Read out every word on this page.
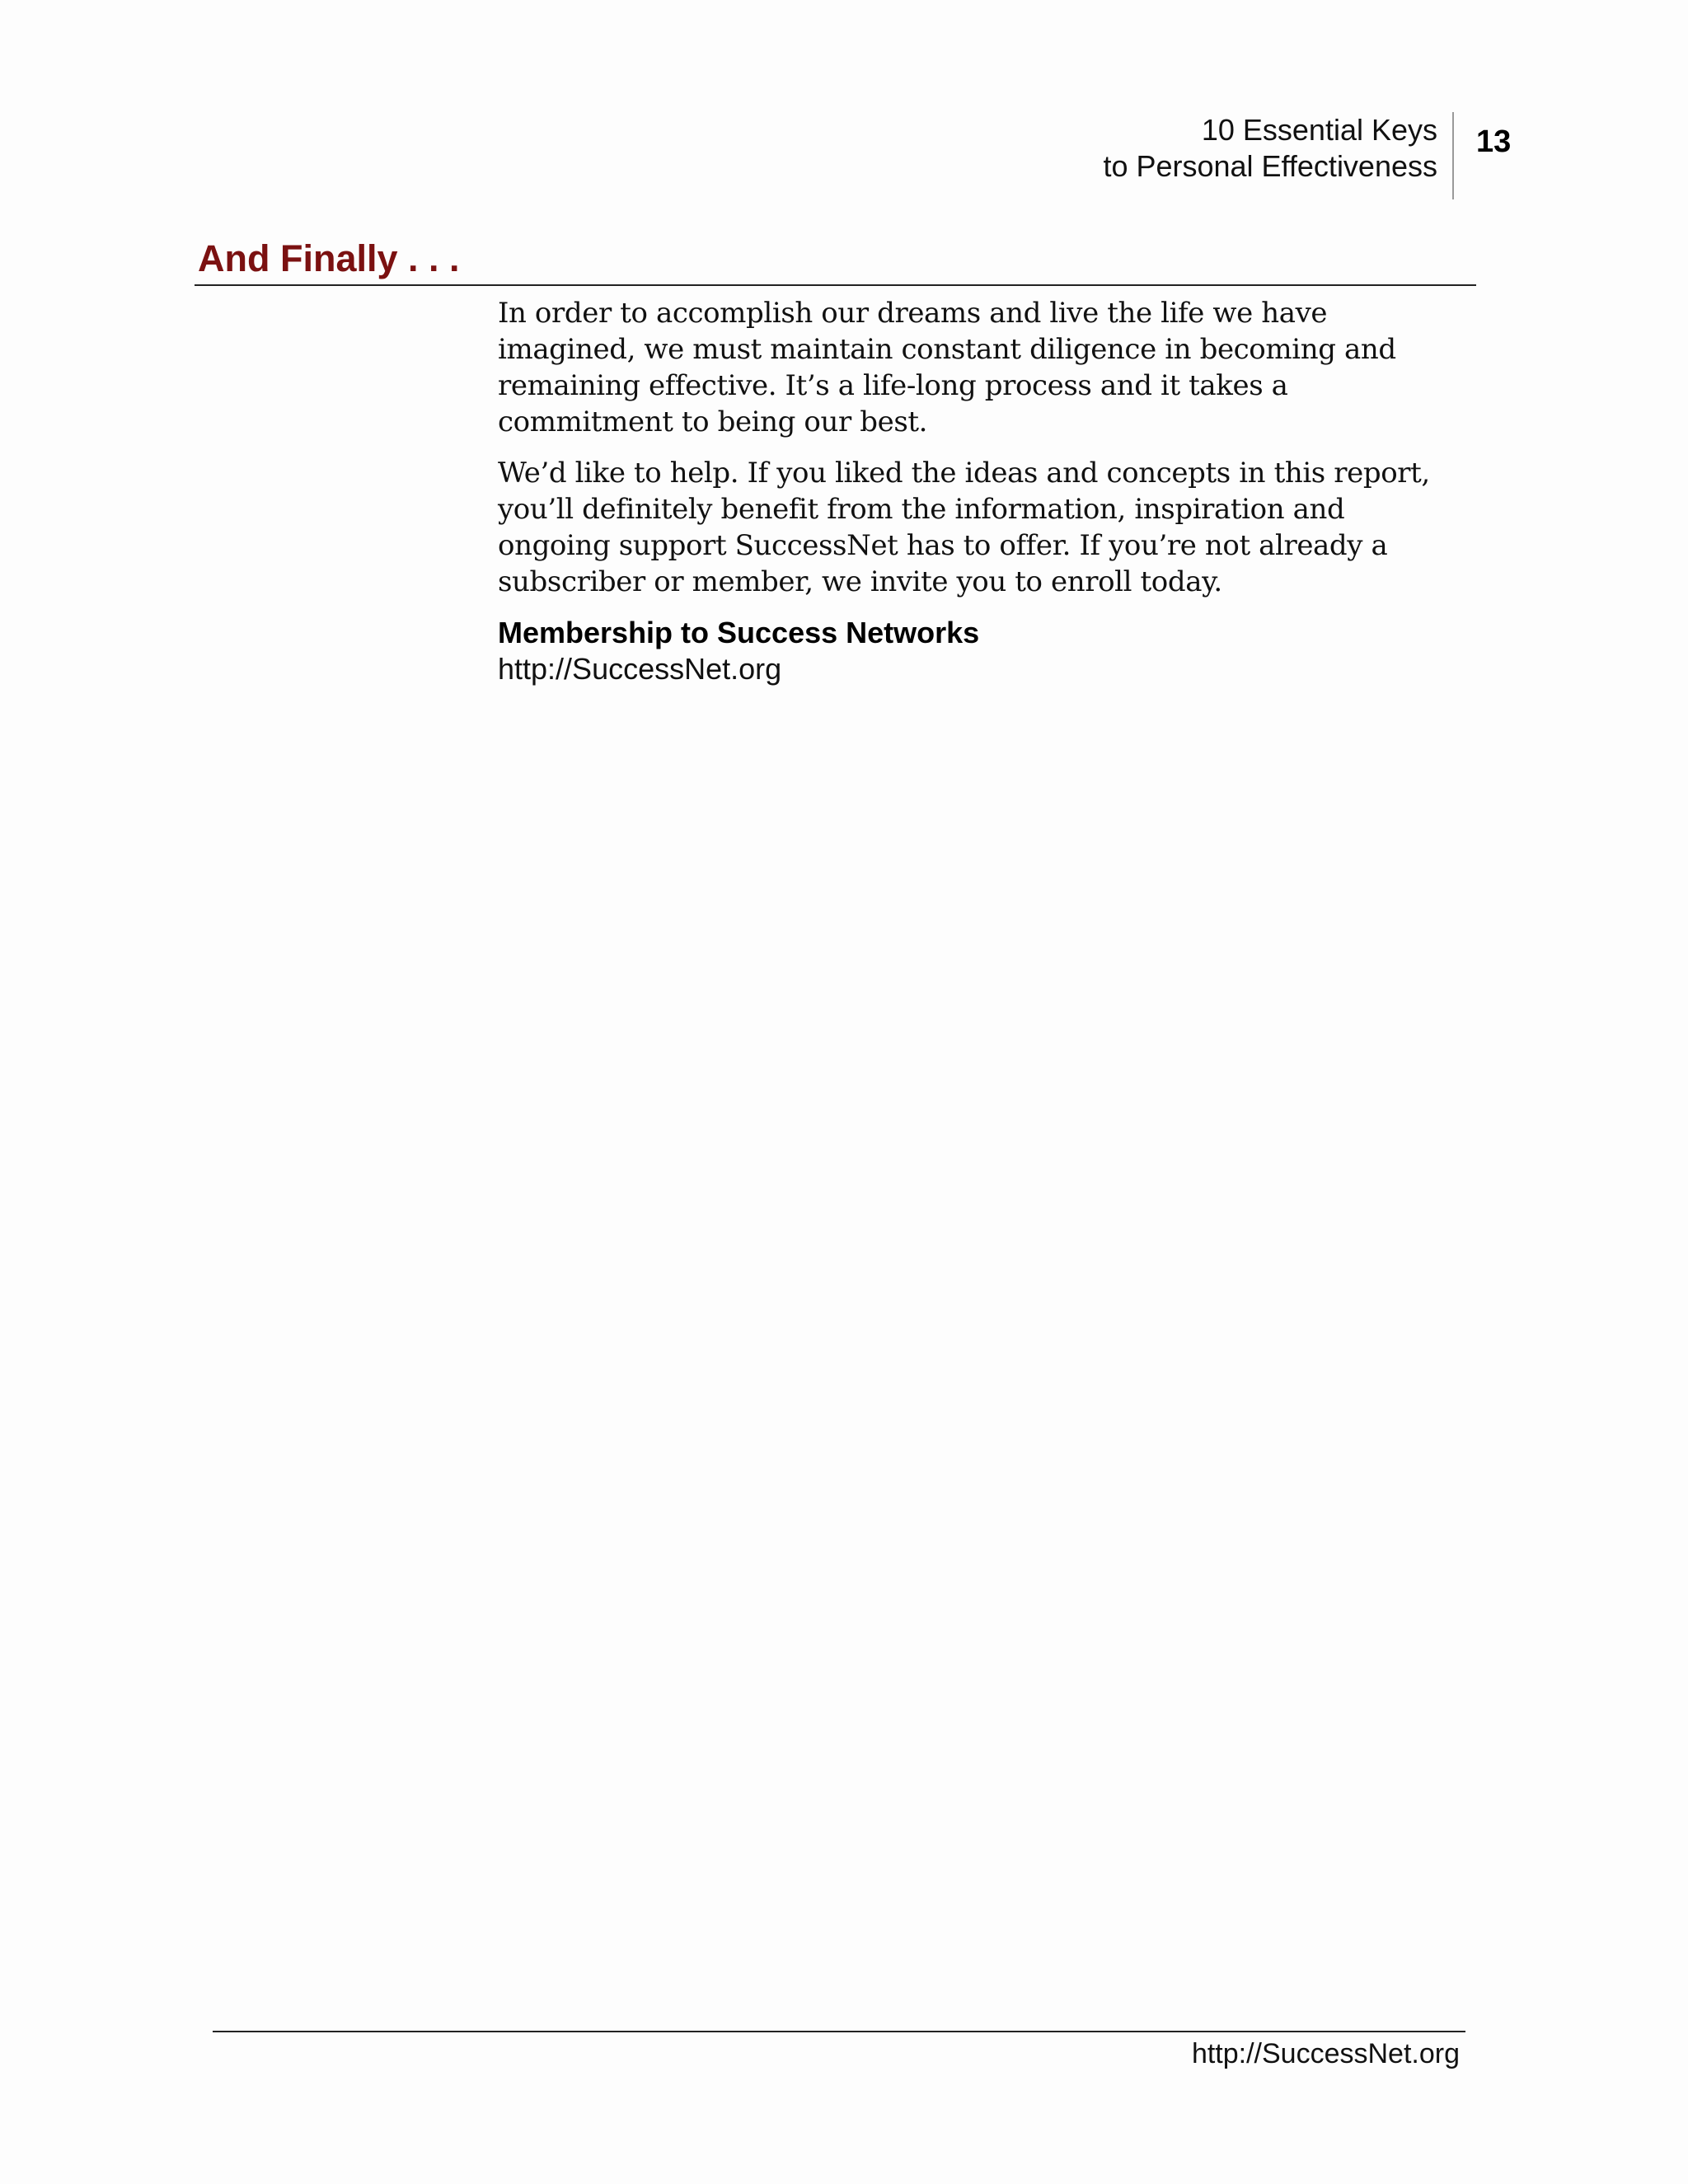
10 Essential Keys
to Personal Effectiveness
13
And Finally . . .

In order to accomplish our dreams and live the life we have imagined, we must maintain constant diligence in becoming and remaining effective. It’s a life-long process and it takes a commitment to being our best.

We’d like to help. If you liked the ideas and concepts in this report, you’ll definitely benefit from the information, inspiration and ongoing support SuccessNet has to offer. If you’re not already a subscriber or member, we invite you to enroll today.

Membership to Success Networks

http://SuccessNet.org

http://SuccessNet.org
